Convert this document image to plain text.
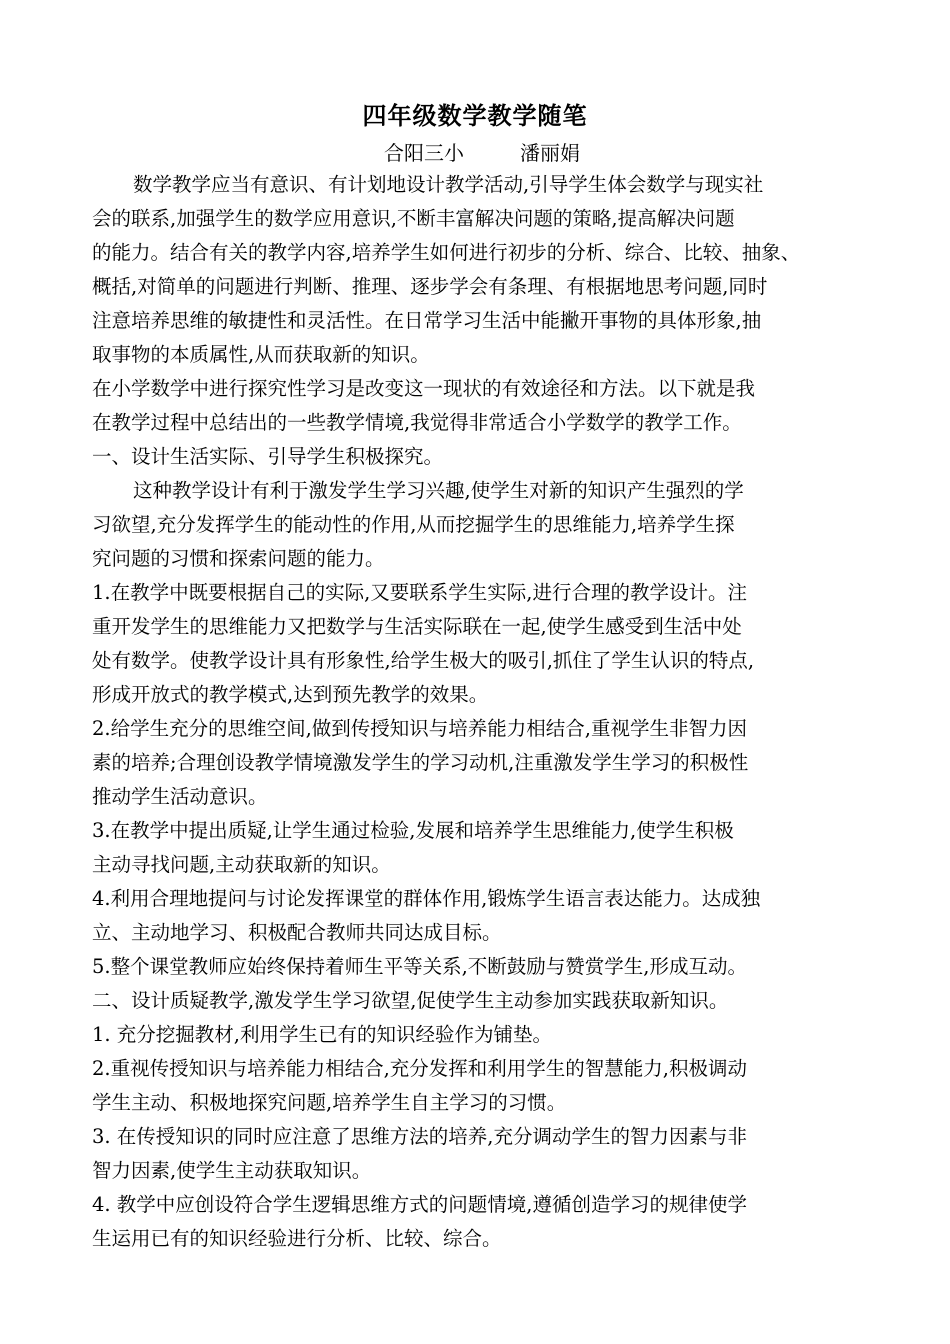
四年级数学教学随笔
合阳三小	潘丽娟
数学教学应当有意识、有计划地设计教学活动,引导学生体会数学与现实社
会的联系,加强学生的数学应用意识,不断丰富解决问题的策略,提高解决问题
的能力。结合有关的教学内容,培养学生如何进行初步的分析、综合、比较、抽象、
概括,对简单的问题进行判断、推理、逐步学会有条理、有根据地思考问题,同时
注意培养思维的敏捷性和灵活性。在日常学习生活中能撇开事物的具体形象,抽
取事物的本质属性,从而获取新的知识。
在小学数学中进行探究性学习是改变这一现状的有效途径和方法。以下就是我
在教学过程中总结出的一些教学情境,我觉得非常适合小学数学的教学工作。
一、设计生活实际、引导学生积极探究。
这种教学设计有利于激发学生学习兴趣,使学生对新的知识产生强烈的学
习欲望,充分发挥学生的能动性的作用,从而挖掘学生的思维能力,培养学生探
究问题的习惯和探索问题的能力。
1.在教学中既要根据自己的实际,又要联系学生实际,进行合理的教学设计。注
重开发学生的思维能力又把数学与生活实际联在一起,使学生感受到生活中处
处有数学。使教学设计具有形象性,给学生极大的吸引,抓住了学生认识的特点,
形成开放式的教学模式,达到预先教学的效果。
2.给学生充分的思维空间,做到传授知识与培养能力相结合,重视学生非智力因
素的培养;合理创设教学情境激发学生的学习动机,注重激发学生学习的积极性
推动学生活动意识。
3.在教学中提出质疑,让学生通过检验,发展和培养学生思维能力,使学生积极
主动寻找问题,主动获取新的知识。
4.利用合理地提问与讨论发挥课堂的群体作用,锻炼学生语言表达能力。达成独
立、主动地学习、积极配合教师共同达成目标。
5.整个课堂教师应始终保持着师生平等关系,不断鼓励与赞赏学生,形成互动。
二、设计质疑教学,激发学生学习欲望,促使学生主动参加实践获取新知识。
1. 充分挖掘教材,利用学生已有的知识经验作为铺垫。
2.重视传授知识与培养能力相结合,充分发挥和利用学生的智慧能力,积极调动
学生主动、积极地探究问题,培养学生自主学习的习惯。
3. 在传授知识的同时应注意了思维方法的培养,充分调动学生的智力因素与非
智力因素,使学生主动获取知识。
4. 教学中应创设符合学生逻辑思维方式的问题情境,遵循创造学习的规律使学
生运用已有的知识经验进行分析、比较、综合。
